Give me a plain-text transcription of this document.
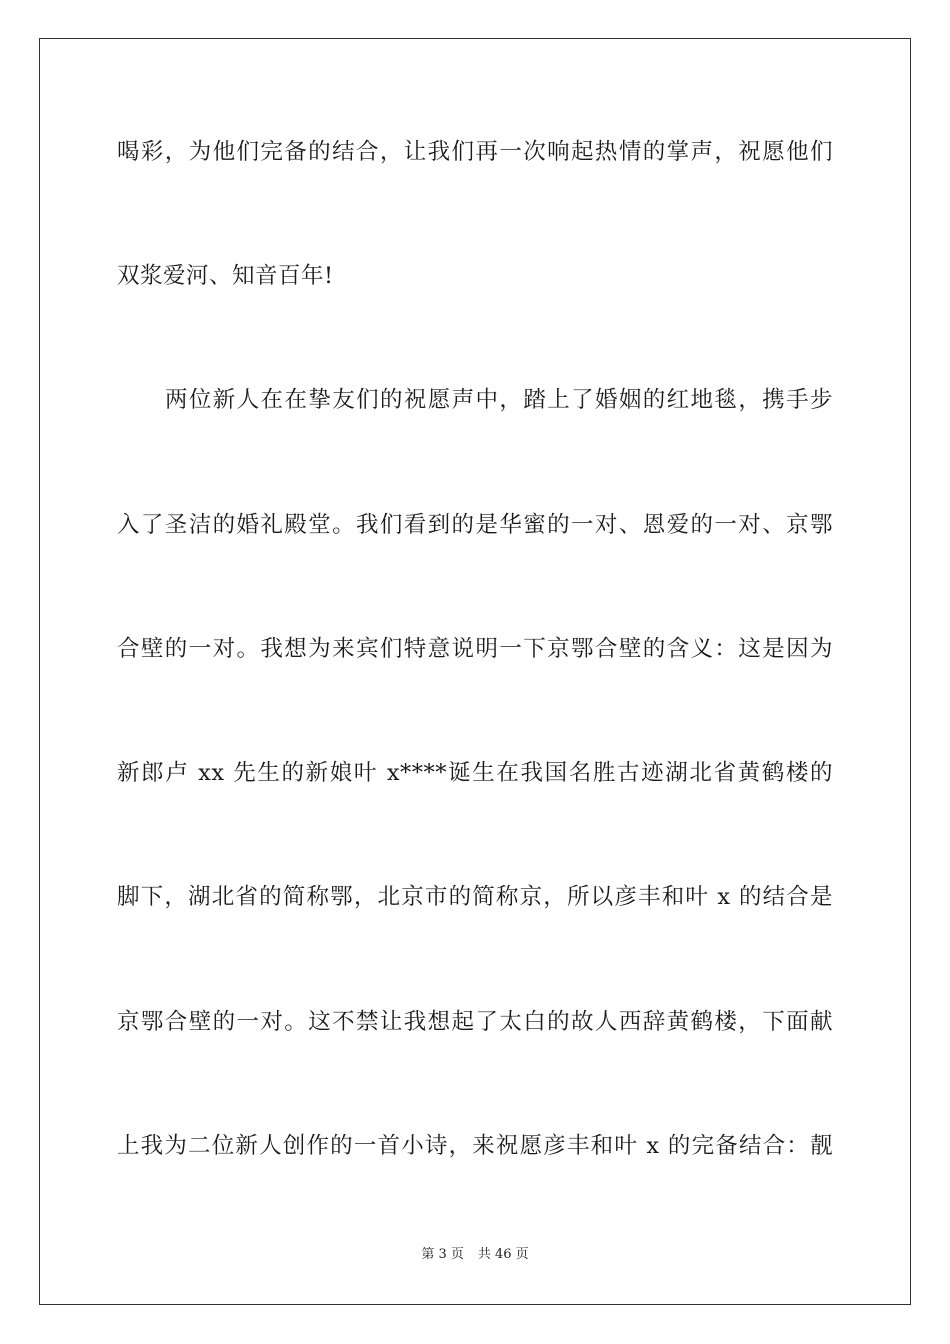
喝彩，为他们完备的结合，让我们再一次响起热情的掌声，祝愿他们
双浆爱河、知音百年!
两位新人在在挚友们的祝愿声中，踏上了婚姻的红地毯，携手步
入了圣洁的婚礼殿堂。我们看到的是华蜜的一对、恩爱的一对、京鄂
合壁的一对。我想为来宾们特意说明一下京鄂合壁的含义：这是因为
新郎卢 xx 先生的新娘叶 x****诞生在我国名胜古迹湖北省黄鹤楼的
脚下，湖北省的简称鄂，北京市的简称京，所以彦丰和叶 x 的结合是
京鄂合壁的一对。这不禁让我想起了太白的故人西辞黄鹤楼，下面献
上我为二位新人创作的一首小诗，来祝愿彦丰和叶 x 的完备结合：靓
第 3 页 共 46 页
